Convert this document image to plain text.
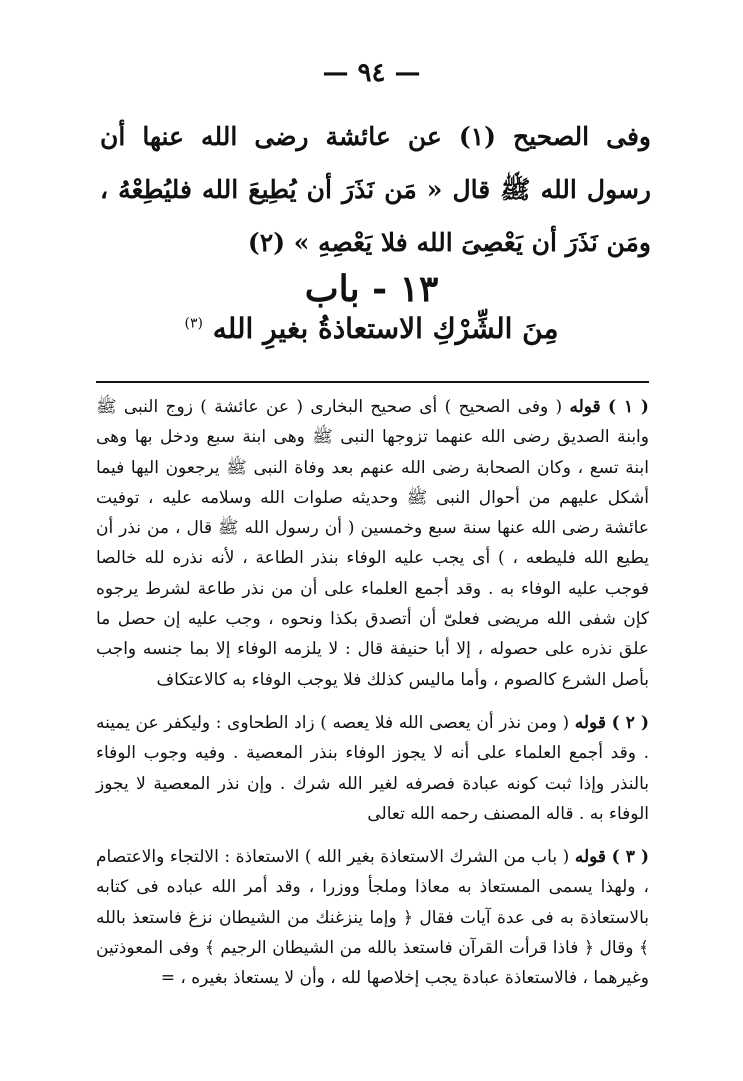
— ٩٤ —

وفى الصحيح (١) عن عائشة رضى الله عنها أن رسول الله ﷺ قال « مَن نَذَرَ أن يُطِيعَ الله فليُطِعْهُ ، ومَن نَذَرَ أن يَعْصِىَ الله فلا يَعْصِهِ » (٢)

١٣ - باب
مِنَ الشِّرْكِ الاستعاذةُ بغيرِ الله $^{(٣)}$

( ١ ) قوله ( وفى الصحيح ) أى صحيح البخارى ( عن عائشة ) زوج النبى ﷺ وابنة الصديق رضى الله عنهما تزوجها النبى ﷺ وهى ابنة سبع ودخل بها وهى ابنة تسع ، وكان الصحابة رضى الله عنهم بعد وفاة النبى ﷺ يرجعون اليها فيما أشكل عليهم من أحوال النبى ﷺ وحديثه صلوات الله وسلامه عليه ، توفيت عائشة رضى الله عنها سنة سبع وخمسين ( أن رسول الله ﷺ قال ، من نذر أن يطيع الله فليطعه ، ) أى يجب عليه الوفاء بنذر الطاعة ، لأنه نذره لله خالصا فوجب عليه الوفاء به . وقد أجمع العلماء على أن من نذر طاعة لشرط يرجوه كإن شفى الله مريضى فعلىّ أن أتصدق بكذا ونحوه ، وجب عليه إن حصل ما علق نذره على حصوله ، إلا أبا حنيفة قال : لا يلزمه الوفاء إلا بما جنسه واجب بأصل الشرع كالصوم ، وأما ماليس كذلك فلا يوجب الوفاء به كالاعتكاف

( ٢ ) قوله ( ومن نذر أن يعصى الله فلا يعصه ) زاد الطحاوى : وليكفر عن يمينه . وقد أجمع العلماء على أنه لا يجوز الوفاء بنذر المعصية . وفيه وجوب الوفاء بالنذر وإذا ثبت كونه عبادة فصرفه لغير الله شرك . وإن نذر المعصية لا يجوز الوفاء به . قاله المصنف رحمه الله تعالى

( ٣ ) قوله ( باب من الشرك الاستعاذة بغير الله ) الاستعاذة : الالتجاء والاعتصام ، ولهذا يسمى المستعاذ به معاذا وملجأ ووزرا ، وقد أمر الله عباده فى كتابه بالاستعاذة به فى عدة آيات فقال ﴿ وإما ينزغنك من الشيطان نزغ فاستعذ بالله ﴾ وقال ﴿ فاذا قرأت القرآن فاستعذ بالله من الشيطان الرجيم ﴾ وفى المعوذتين وغيرهما ، فالاستعاذة عبادة يجب إخلاصها لله ، وأن لا يستعاذ بغيره ، =
